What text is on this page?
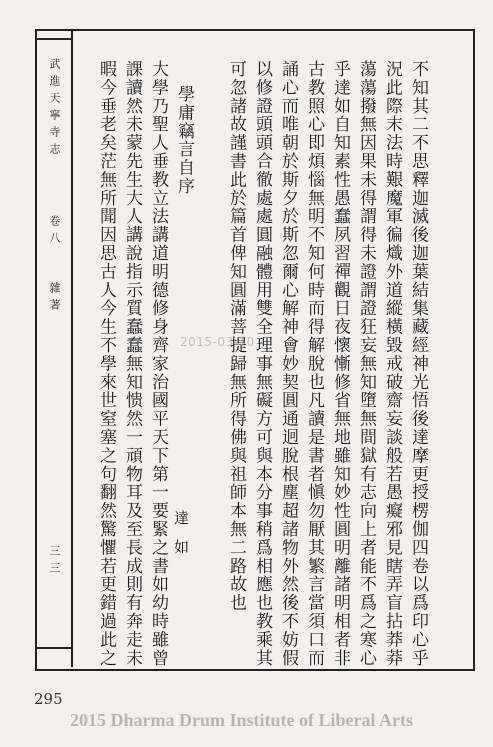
武進天寧寺志
卷八
雜著
三三	不知其二不思釋迦滅後迦葉結集藏經神光悟後達摩更授楞伽四卷以爲印心乎
況此際末法時艱魔軍徧熾外道縱橫毀戒破齋妄談般若愚癡邪見瞎弄盲拈莽莽
蕩蕩撥無因果未得謂得未證謂證狂妄無知墮無間獄有志向上者能不爲之寒心
乎達如自知素性愚蠢夙習禪觀日夜懷慚修省無地雖知妙性圓明離諸明相者非
古教照心即煩惱無明不知何時而得解脫也凡讀是書者愼勿厭其繁言當須口而
誦心而唯朝於斯夕於斯忽爾心解神會妙契圓通迥脫根塵超諸物外然後不妨假
以修證頭頭合徹處處圓融體用雙全理事無礙方可與本分事稍爲相應也教乘其
可忽諸故謹書此於篇首俾知圓滿菩提歸無所得佛與祖師本無二路故也
學庸竊言自序
大學乃聖人垂教立法講道明德修身齊家治國平天下第一要緊之書如幼時雖曾
課讀然未蒙先生大人講說指示質蠢蠢無知愦然一頑物耳及至長成則有奔走未
暇今垂老矣茫無所聞因思古人今生不學來世窒塞之句翻然驚懼若更錯過此之	達如
2015-03-10
295
2015 Dharma Drum Institute of Liberal Arts
